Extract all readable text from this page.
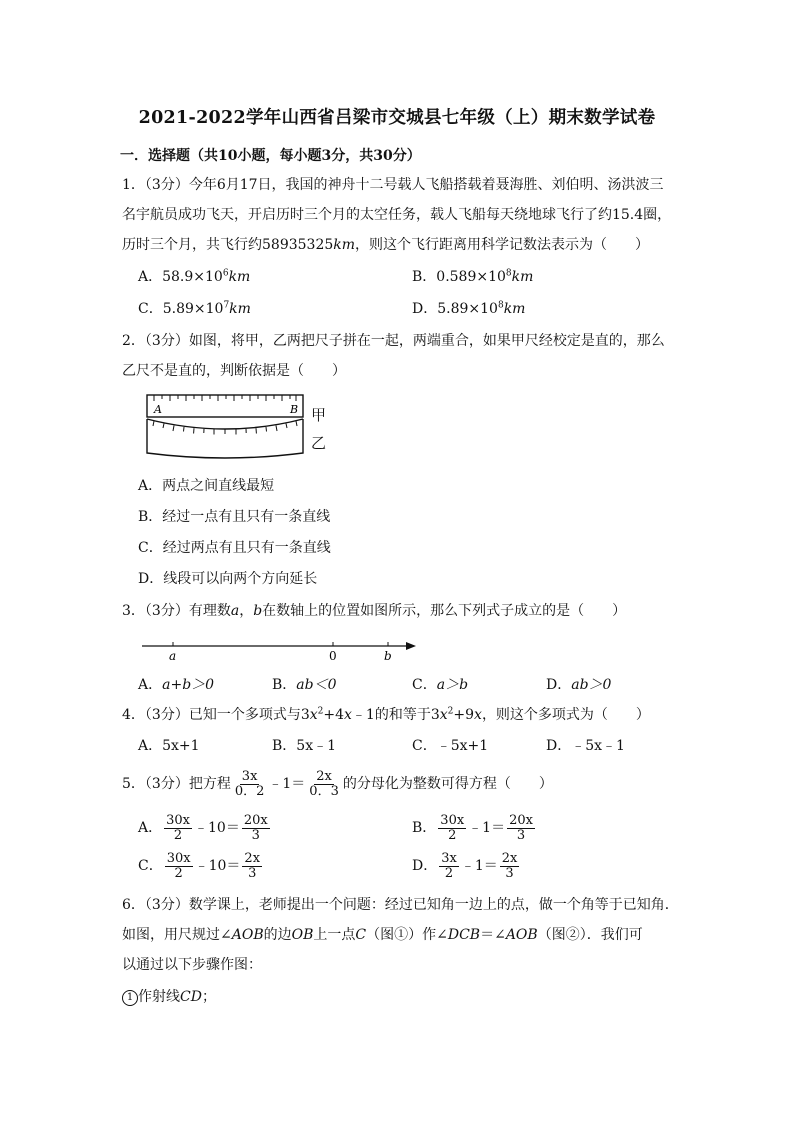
2021-2022学年山西省吕梁市交城县七年级（上）期末数学试卷
一．选择题（共10小题，每小题3分，共30分）
1．（3分）今年6月17日，我国的神舟十二号载人飞船搭载着聂海胜、刘伯明、汤洪波三
名宇航员成功飞天，开启历时三个月的太空任务，载人飞船每天绕地球飞行了约15.4圈，
历时三个月，共飞行约58935325km，则这个飞行距离用科学记数法表示为（　　）
A．$58.9\times 10^6km$	B．$0.589\times 10^8km$
C．$5.89\times 10^7km$	D．$5.89\times 10^8km$
2．（3分）如图，将甲，乙两把尺子拼在一起，两端重合，如果甲尺经校定是直的，那么
乙尺不是直的，判断依据是（　　）
A	B 甲
乙
A．两点之间直线最短
B．经过一点有且只有一条直线
C．经过两点有且只有一条直线
D．线段可以向两个方向延长
3．（3分）有理数a，b在数轴上的位置如图所示，那么下列式子成立的是（　　）
a	0	b
A．a+b＞0	B．ab＜0	C．a＞b	D．ab＞0
4．（3分）已知一个多项式与$3x^2+4x﹣1$的和等于$3x^2+9x$，则这个多项式为（　　）
A．5x+1	B．5x﹣1	C．﹣5x+1	D．﹣5x﹣1
5．（3分）把方程 $\frac{3x}{0.2}$ ﹣1＝ $\frac{2x}{0.3}$ 的分母化为整数可得方程（　　）
A． $\frac{30x}{2}$ ﹣10＝ $\frac{20x}{3}$	B． $\frac{30x}{2}$ ﹣1＝ $\frac{20x}{3}$
C． $\frac{30x}{2}$ ﹣10＝ $\frac{2x}{3}$	D． $\frac{3x}{2}$ ﹣1＝ $\frac{2x}{3}$
6．（3分）数学课上，老师提出一个问题：经过已知角一边上的点，做一个角等于已知角．
如图，用尺规过∠AOB的边OB上一点C（图①）作∠DCB＝∠AOB（图②）．我们可
以通过以下步骤作图：
1 作射线CD；
